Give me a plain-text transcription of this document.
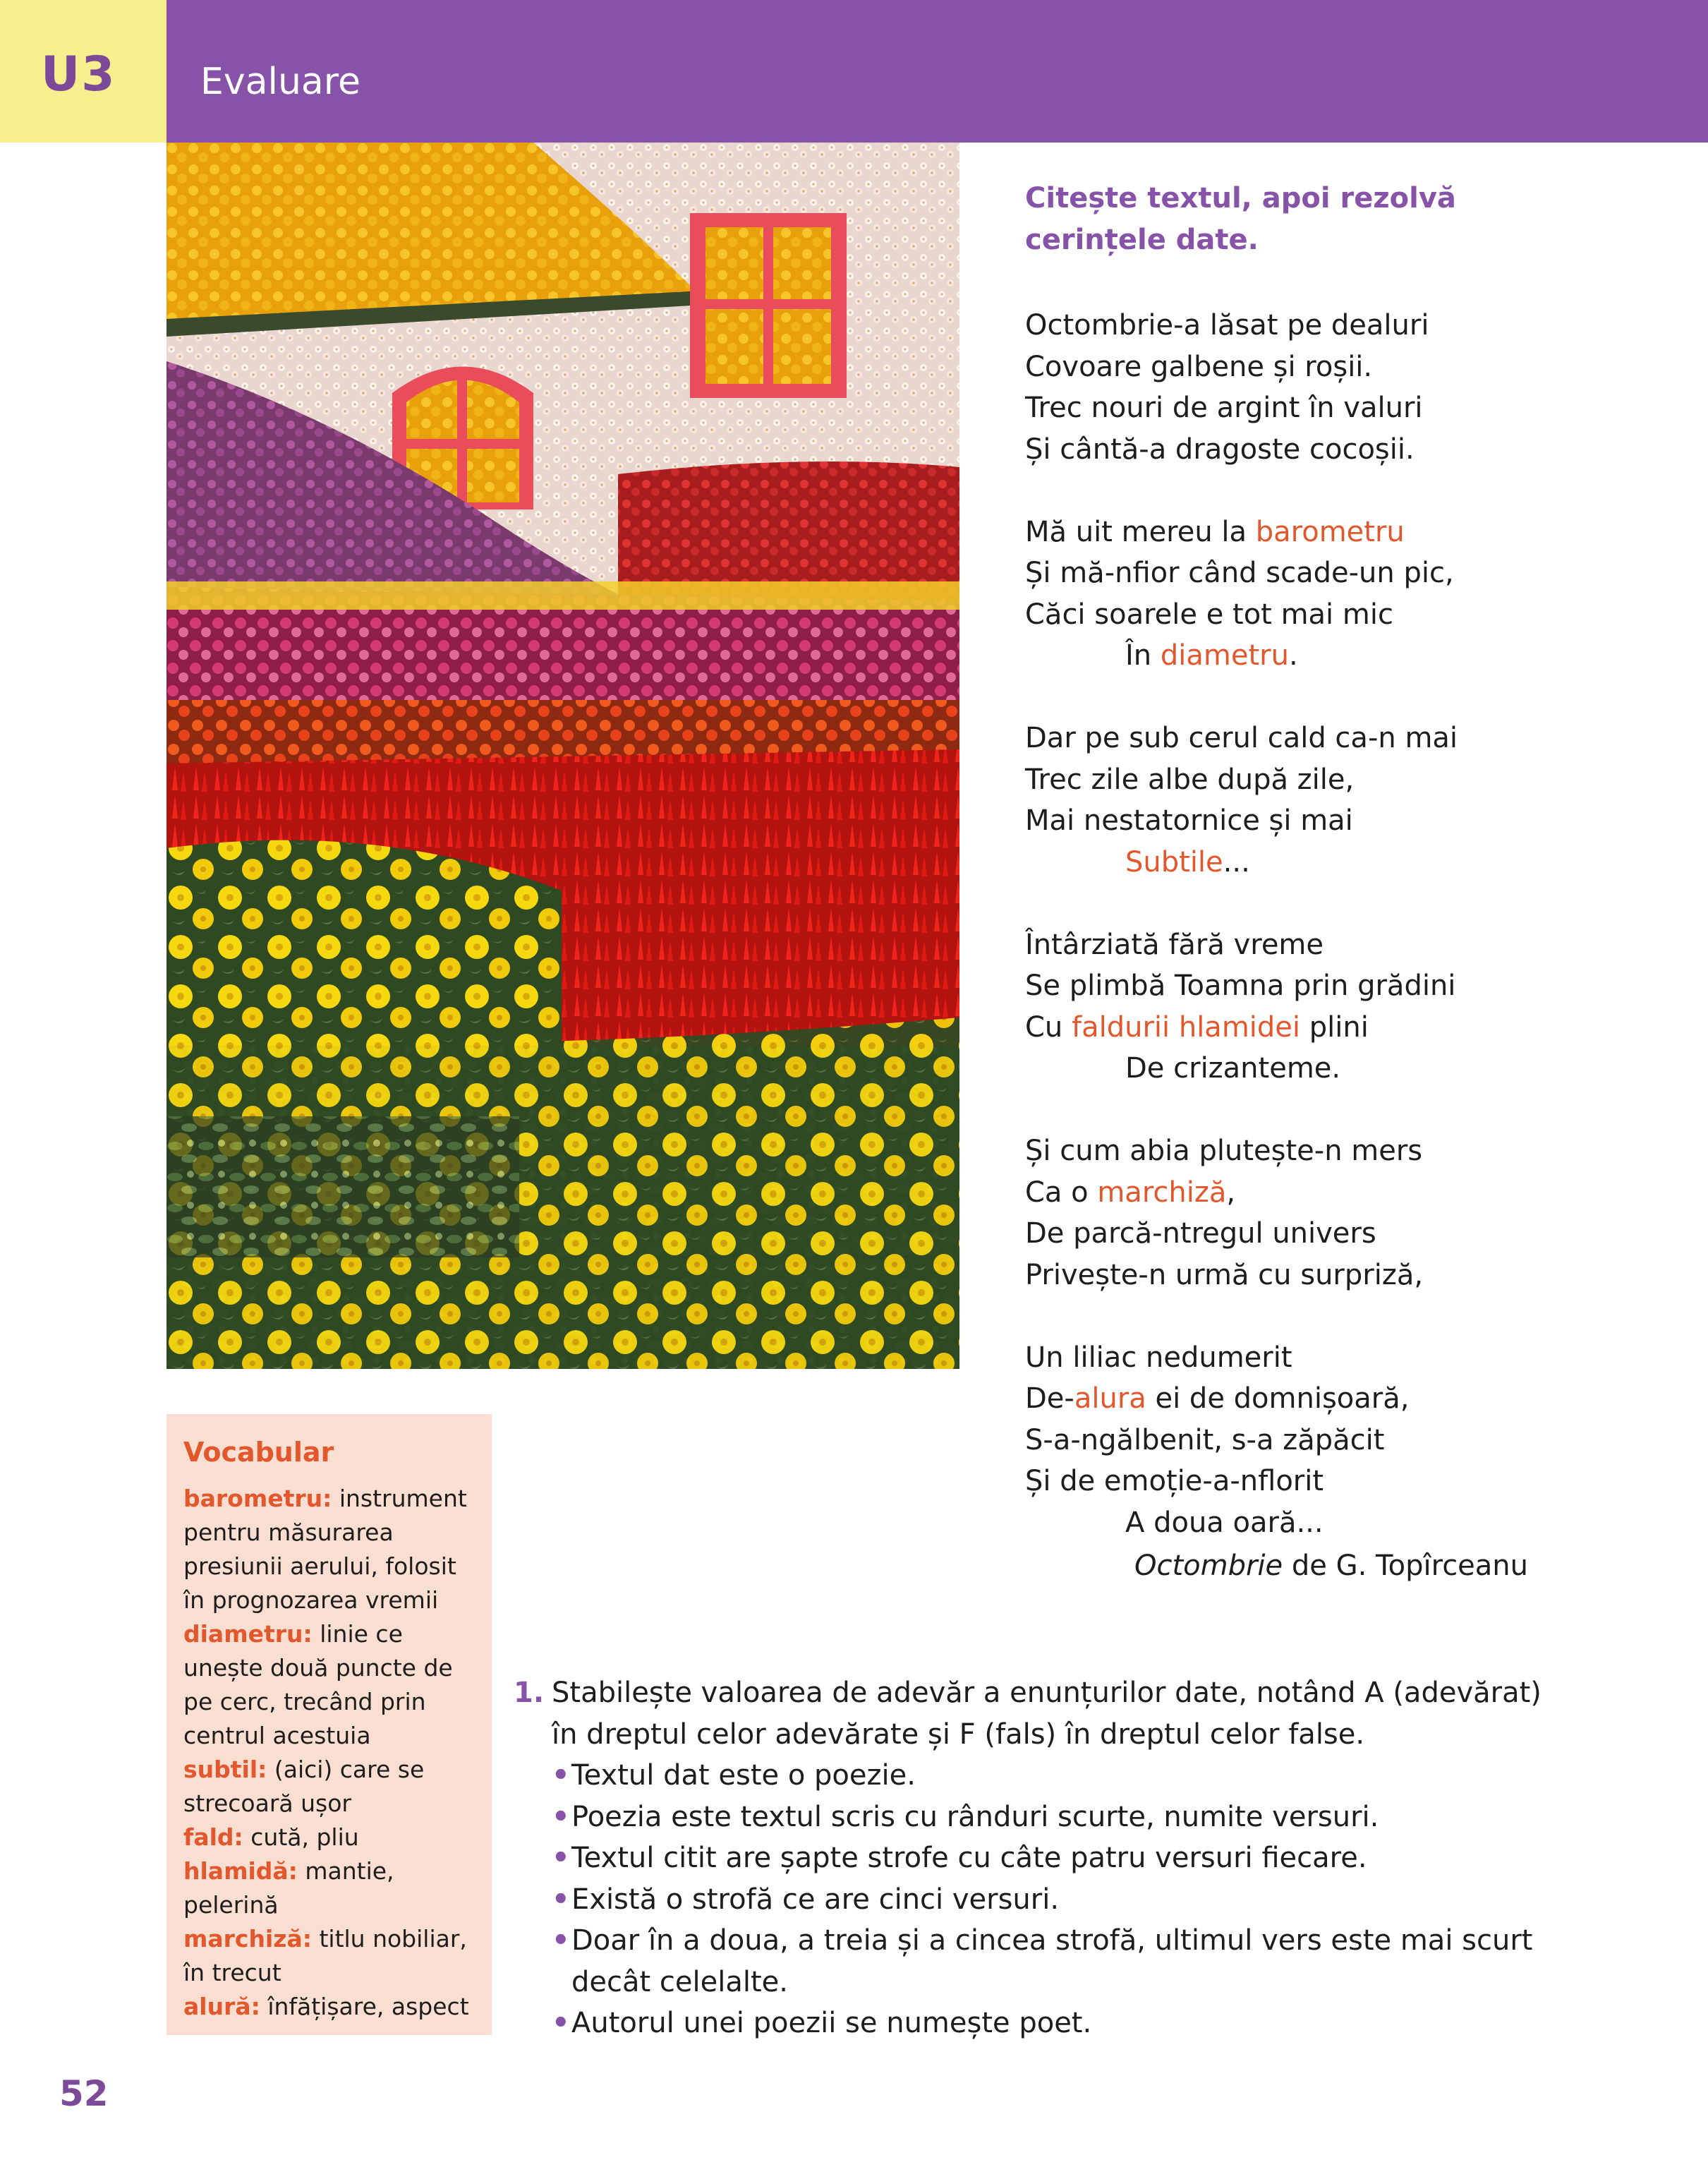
U3 Evaluare
Citește textul, apoi rezolvă
cerințele date.
Octombrie-a lăsat pe dealuri
Covoare galbene și roșii.
Trec nouri de argint în valuri
Și cântă-a dragoste cocoșii.
Mă uit mereu la barometru
Și mă-nfior când scade-un pic,
Căci soarele e tot mai mic
În diametru.
Dar pe sub cerul cald ca-n mai
Trec zile albe după zile,
Mai nestatornice și mai
Subtile...
Întârziată fără vreme
Se plimbă Toamna prin grădini
Cu faldurii hlamidei plini
De crizanteme.
Și cum abia plutește-n mers
Ca o marchiză,
De parcă-ntregul univers
Privește-n urmă cu surpriză,
Un liliac nedumerit
De-alura ei de domnișoară,
S-a-ngălbenit, s-a zăpăcit
Și de emoție-a-nflorit
A doua oară...
Octombrie de G. Topîrceanu
Vocabular
barometru: instrument pentru măsurarea presiunii aerului, folosit în prognozarea vremii
diametru: linie ce unește două puncte de pe cerc, trecând prin centrul acestuia
subtil: (aici) care se strecoară ușor
fald: cută, pliu
hlamidă: mantie, pelerină
marchiză: titlu nobiliar, în trecut
alură: înfățișare, aspect
1. Stabilește valoarea de adevăr a enunțurilor date, notând A (adevărat) în dreptul celor adevărate și F (fals) în dreptul celor false.
• Textul dat este o poezie.
• Poezia este textul scris cu rânduri scurte, numite versuri.
• Textul citit are șapte strofe cu câte patru versuri fiecare.
• Există o strofă ce are cinci versuri.
• Doar în a doua, a treia și a cincea strofă, ultimul vers este mai scurt decât celelalte.
• Autorul unei poezii se numește poet.
52
